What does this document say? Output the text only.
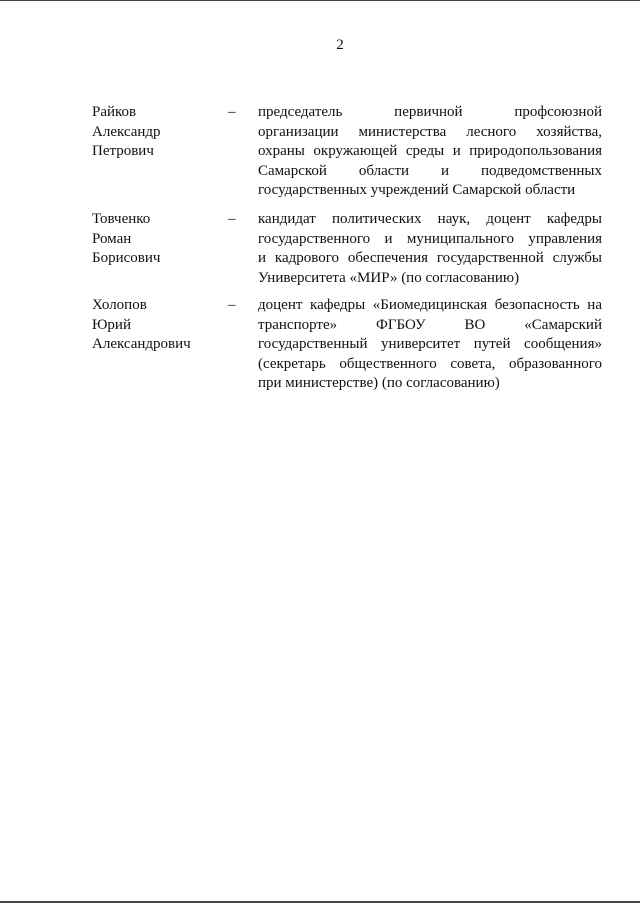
2
Райков
Александр
Петрович
– председатель первичной профсоюзной
организации министерства лесного хозяйства,
охраны окружающей среды и природопользования
Самарской области и подведомственных
государственных учреждений Самарской области
Товченко
Роман
Борисович
– кандидат политических наук, доцент кафедры
государственного и муниципального управления
и кадрового обеспечения государственной службы
Университета «МИР» (по согласованию)
Холопов
Юрий
Александрович
– доцент кафедры «Биомедицинская безопасность на
транспорте» ФГБОУ ВО «Самарский
государственный университет путей сообщения»
(секретарь общественного совета, образованного
при министерстве) (по согласованию)
